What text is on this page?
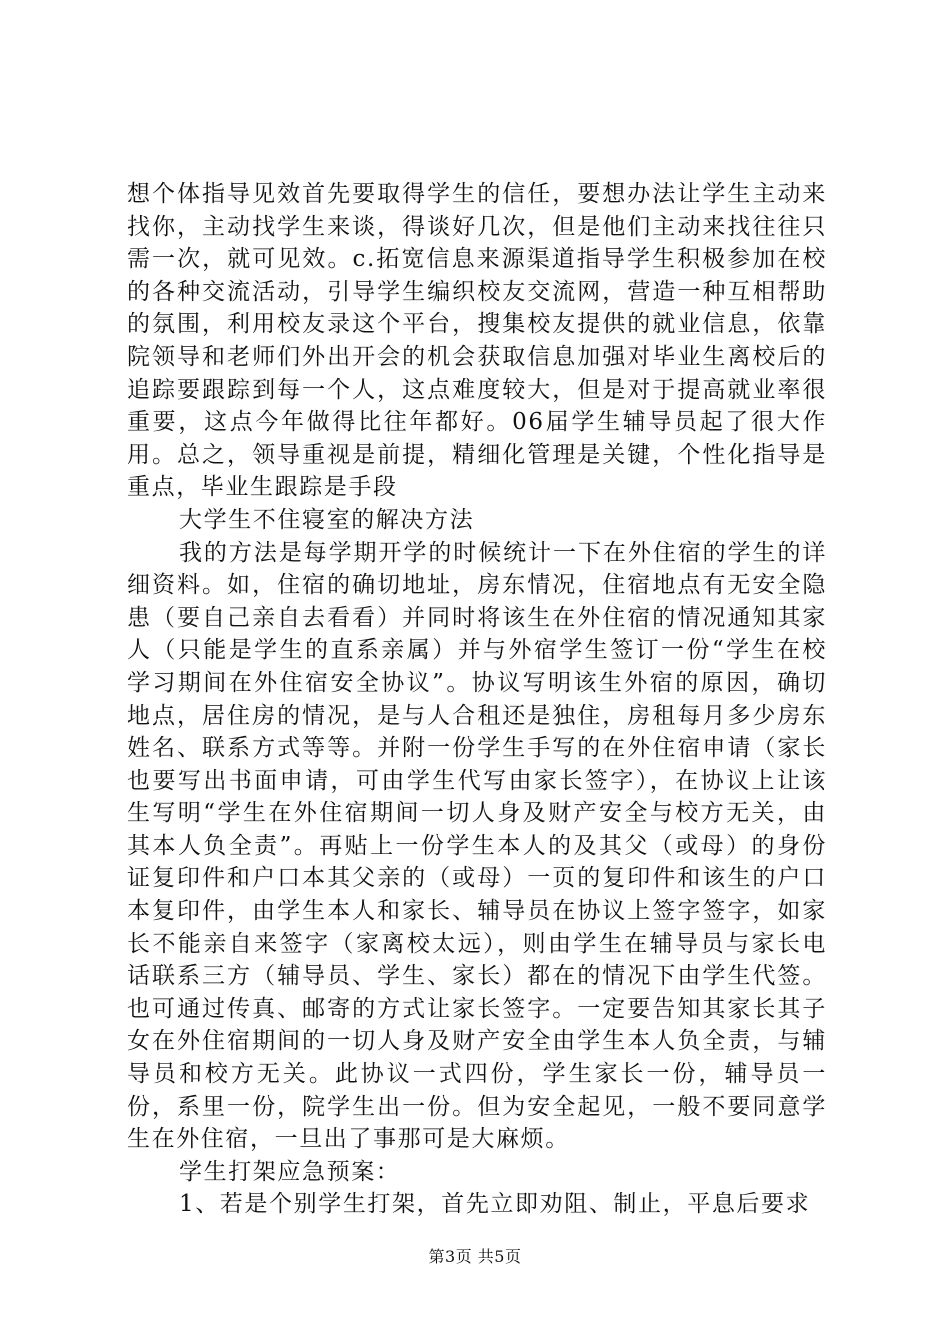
想个体指导见效首先要取得学生的信任，要想办法让学生主动来找你，主动找学生来谈，得谈好几次，但是他们主动来找往往只需一次，就可见效。c.拓宽信息来源渠道指导学生积极参加在校的各种交流活动，引导学生编织校友交流网，营造一种互相帮助的氛围，利用校友录这个平台，搜集校友提供的就业信息，依靠院领导和老师们外出开会的机会获取信息加强对毕业生离校后的追踪要跟踪到每一个人，这点难度较大，但是对于提高就业率很重要，这点今年做得比往年都好。06届学生辅导员起了很大作用。总之，领导重视是前提，精细化管理是关键，个性化指导是重点，毕业生跟踪是手段

大学生不住寝室的解决方法

我的方法是每学期开学的时候统计一下在外住宿的学生的详细资料。如，住宿的确切地址，房东情况，住宿地点有无安全隐患（要自己亲自去看看）并同时将该生在外住宿的情况通知其家人（只能是学生的直系亲属）并与外宿学生签订一份“学生在校学习期间在外住宿安全协议”。协议写明该生外宿的原因，确切地点，居住房的情况，是与人合租还是独住，房租每月多少房东姓名、联系方式等等。并附一份学生手写的在外住宿申请（家长也要写出书面申请，可由学生代写由家长签字），在协议上让该生写明“学生在外住宿期间一切人身及财产安全与校方无关，由其本人负全责”。再贴上一份学生本人的及其父（或母）的身份证复印件和户口本其父亲的（或母）一页的复印件和该生的户口本复印件，由学生本人和家长、辅导员在协议上签字签字，如家长不能亲自来签字（家离校太远），则由学生在辅导员与家长电话联系三方（辅导员、学生、家长）都在的情况下由学生代签。也可通过传真、邮寄的方式让家长签字。一定要告知其家长其子女在外住宿期间的一切人身及财产安全由学生本人负全责，与辅导员和校方无关。此协议一式四份，学生家长一份，辅导员一份，系里一份，院学生出一份。但为安全起见，一般不要同意学生在外住宿，一旦出了事那可是大麻烦。

学生打架应急预案：

1、若是个别学生打架，首先立即劝阻、制止，平息后要求

第3页 共5页
